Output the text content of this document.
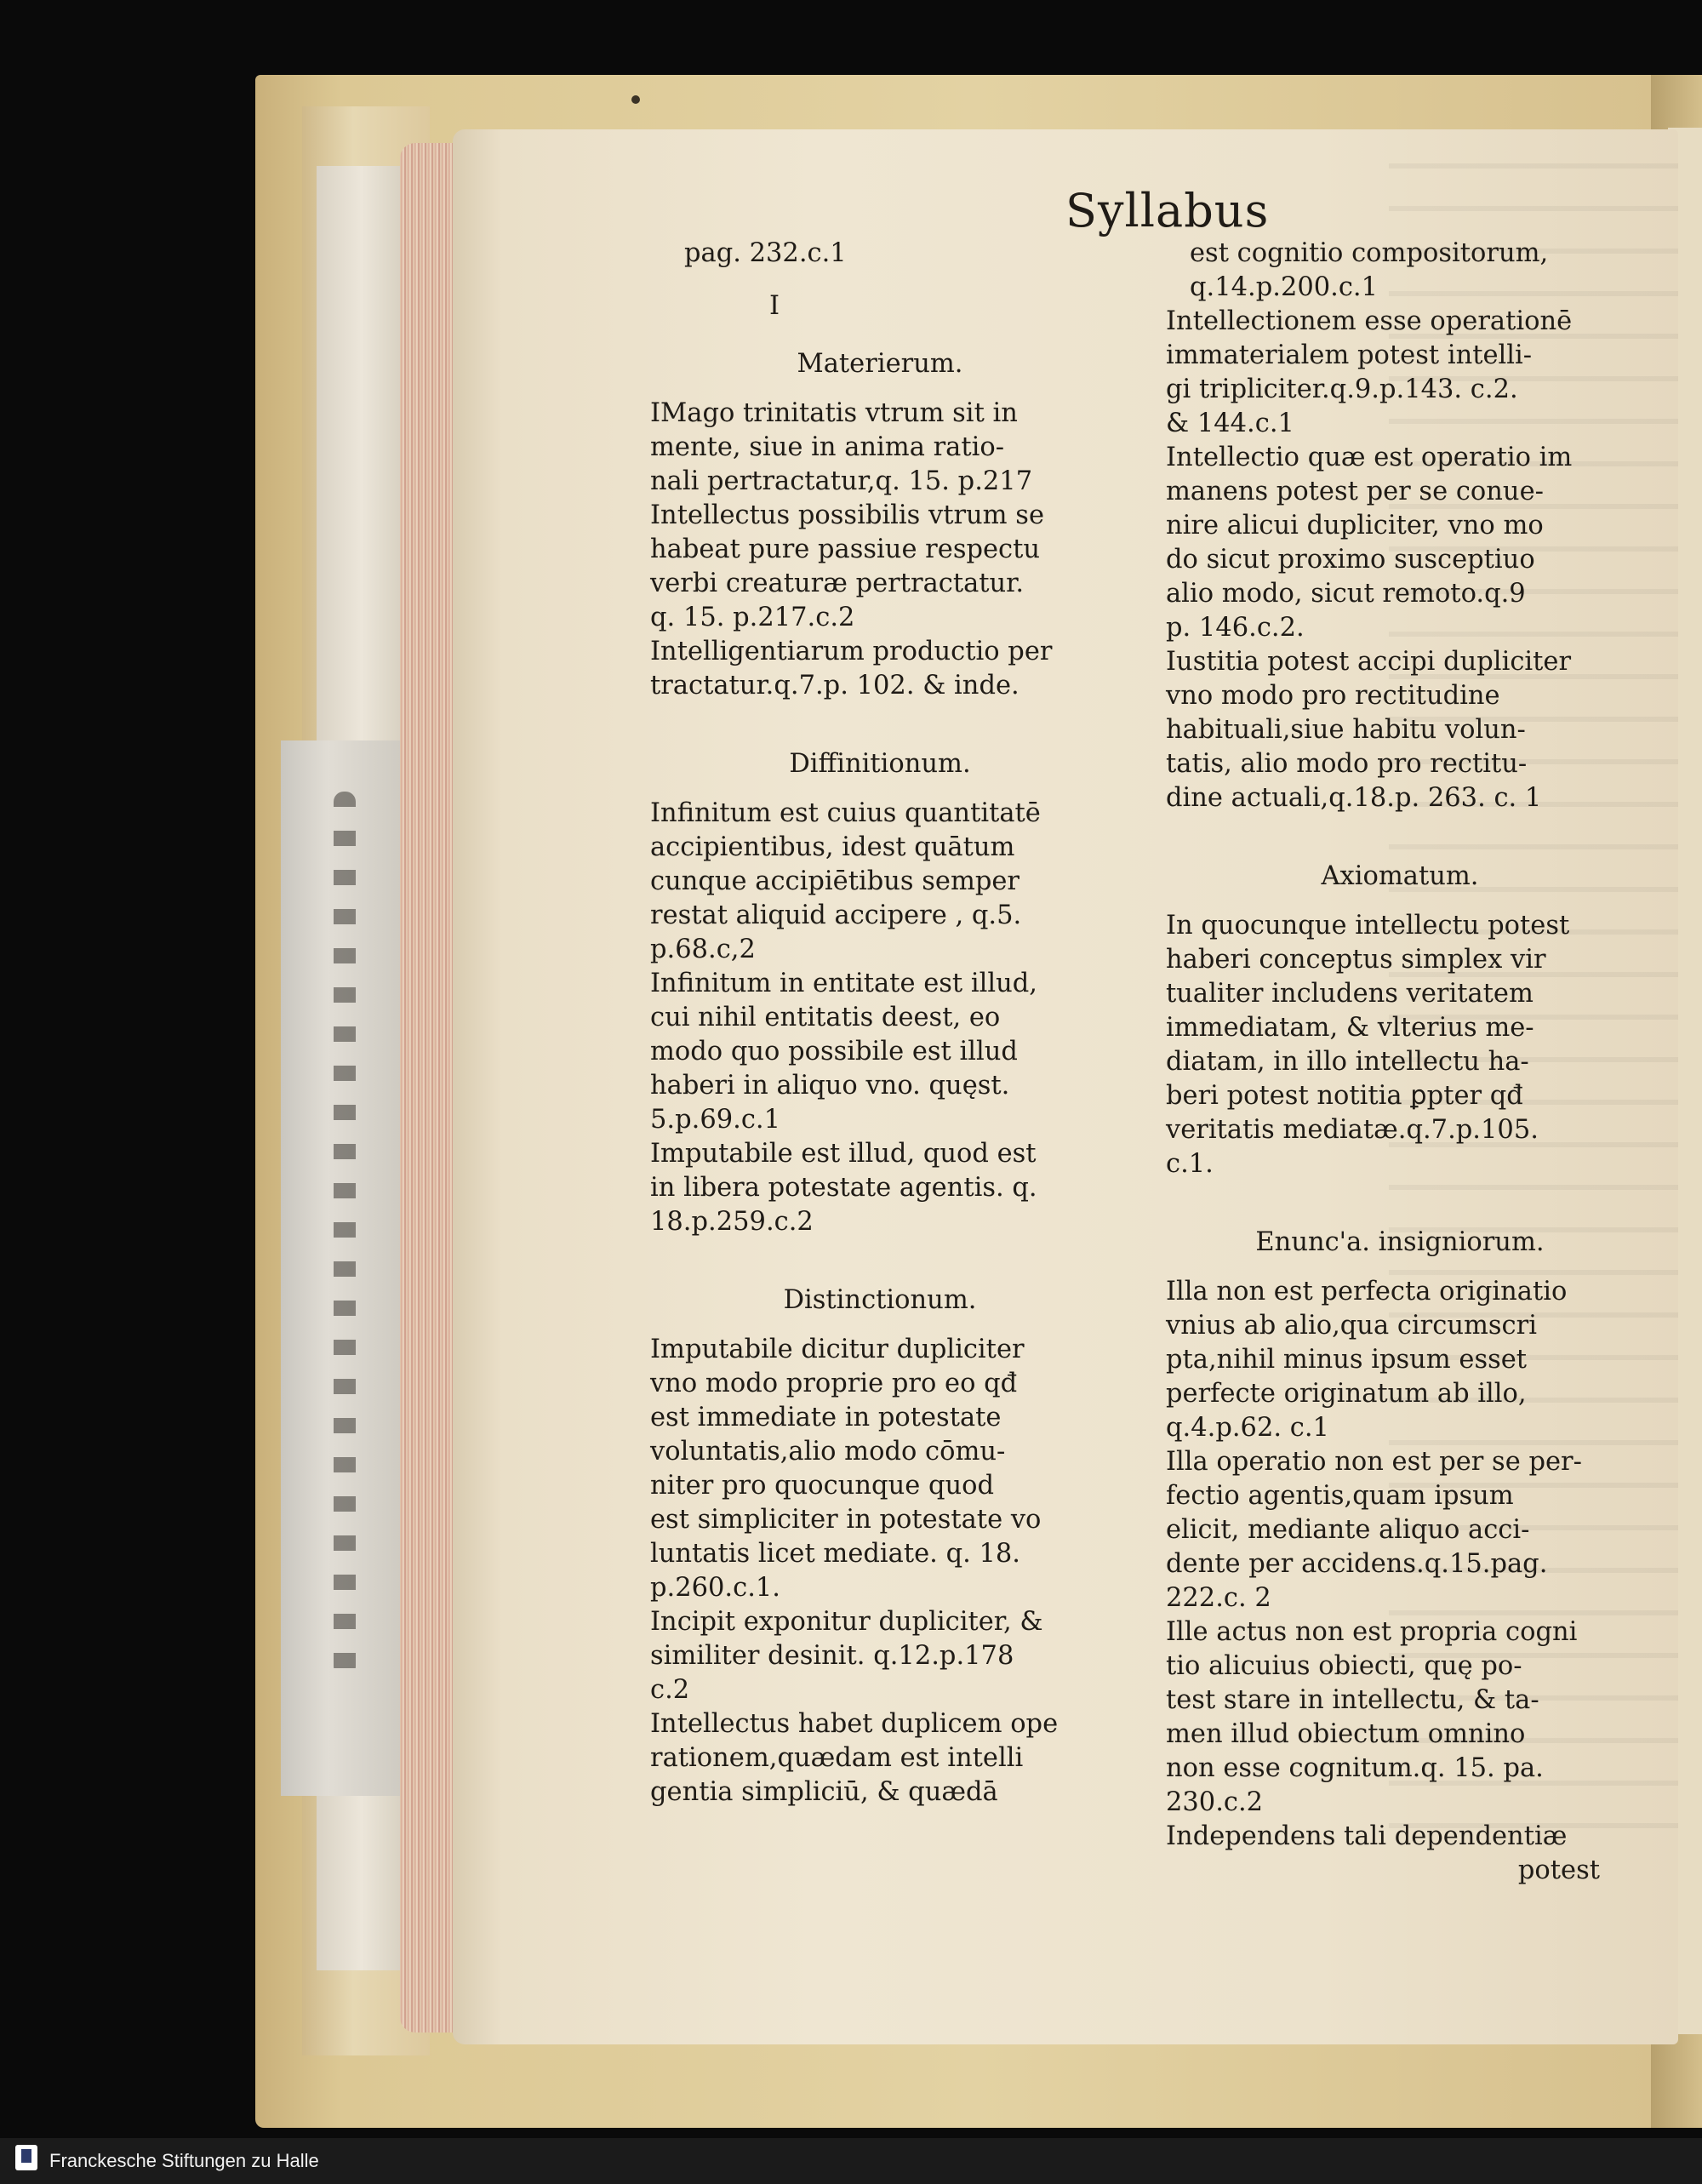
Syllabus
pag. 232.c.1
I
Materierum.
IMago trinitatis vtrum sit in
mente, siue in anima ratio-
nali pertractatur,q. 15. p.217
Intellectus possibilis vtrum se
habeat pure passiue respectu
verbi creaturæ pertractatur.
q. 15. p.217.c.2
Intelligentiarum productio per
tractatur.q.7.p. 102. & inde.
Diffinitionum.
Infinitum est cuius quantitatē
accipientibus, idest quātum
cunque accipiētibus semper
restat aliquid accipere , q.5.
p.68.c,2
Infinitum in entitate est illud,
cui nihil entitatis deest, eo
modo quo possibile est illud
haberi in aliquo vno. quęst.
5.p.69.c.1
Imputabile est illud, quod est
in libera potestate agentis. q.
18.p.259.c.2
Distinctionum.
Imputabile dicitur dupliciter
vno modo proprie pro eo qđ
est immediate in potestate
voluntatis,alio modo cōmu-
niter pro quocunque quod
est simpliciter in potestate vo
luntatis licet mediate. q. 18.
p.260.c.1.
Incipit exponitur dupliciter, &
similiter desinit. q.12.p.178
c.2
Intellectus habet duplicem ope
rationem,quædam est intelli
gentia simpliciū, & quædā
est cognitio compositorum,
q.14.p.200.c.1
Intellectionem esse operationē
immaterialem potest intelli-
gi tripliciter.q.9.p.143. c.2.
& 144.c.1
Intellectio quæ est operatio im
manens potest per se conue-
nire alicui dupliciter, vno mo
do sicut proximo susceptiuo
alio modo, sicut remoto.q.9
p. 146.c.2.
Iustitia potest accipi dupliciter
vno modo pro rectitudine
habituali,siue habitu volun-
tatis, alio modo pro rectitu-
dine actuali,q.18.p. 263. c. 1
Axiomatum.
In quocunque intellectu potest
haberi conceptus simplex vir
tualiter includens veritatem
immediatam, & vlterius me-
diatam, in illo intellectu ha-
beri potest notitia ꝑpter qđ
veritatis mediatæ.q.7.p.105.
c.1.
Enunc'a. insigniorum.
Illa non est perfecta originatio
vnius ab alio,qua circumscri
pta,nihil minus ipsum esset
perfecte originatum ab illo,
q.4.p.62. c.1
Illa operatio non est per se per-
fectio agentis,quam ipsum
elicit, mediante aliquo acci-
dente per accidens.q.15.pag.
222.c. 2
Ille actus non est propria cogni
tio alicuius obiecti, quę po-
test stare in intellectu, & ta-
men illud obiectum omnino
non esse cognitum.q. 15. pa.
230.c.2
Independens tali dependentiæ
potest
Franckesche Stiftungen zu Halle
